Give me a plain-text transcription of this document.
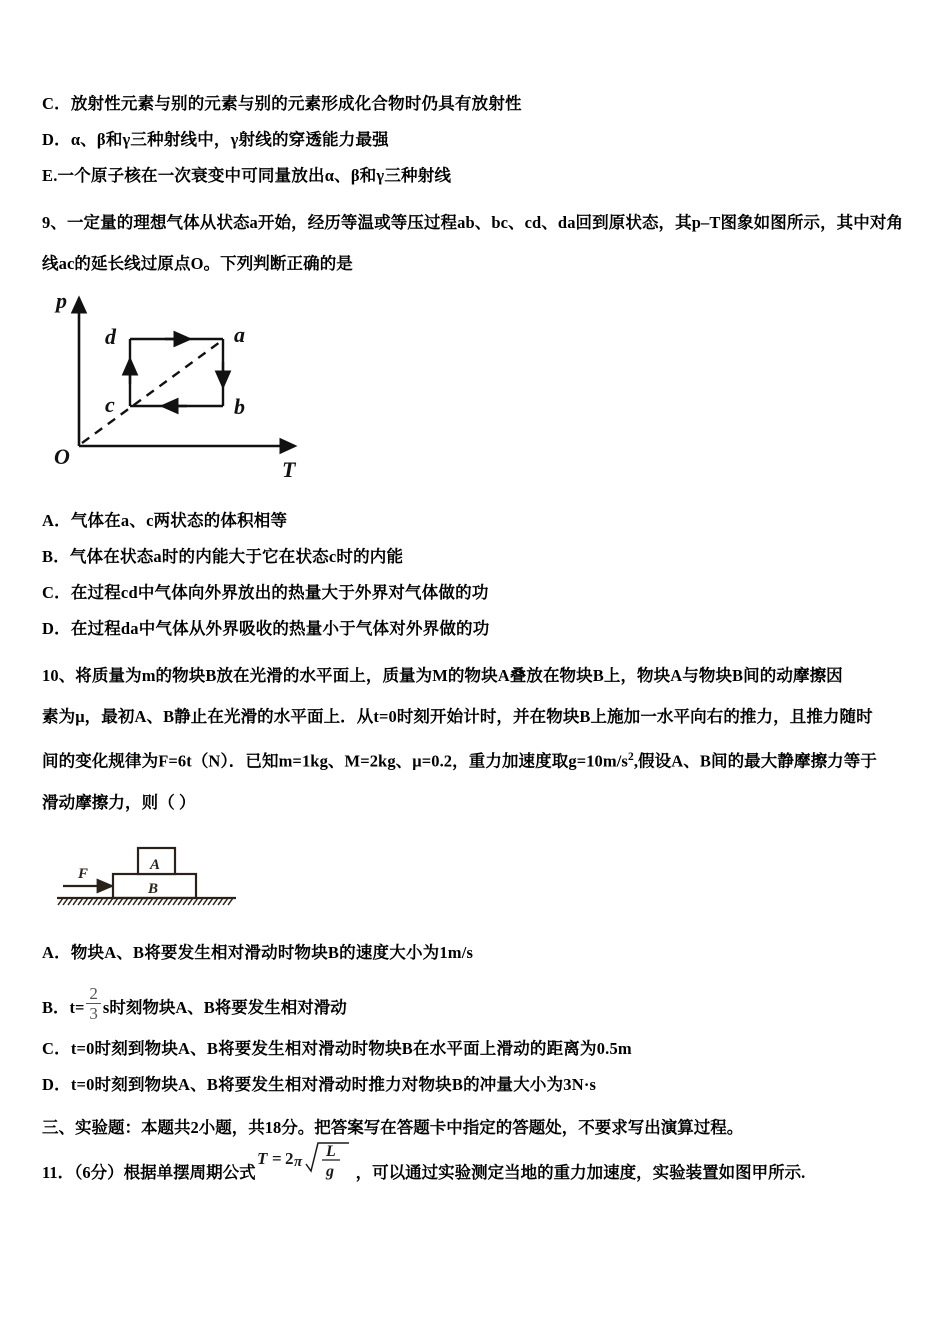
C．放射性元素与别的元素与别的元素形成化合物时仍具有放射性
D．α、β和γ三种射线中，γ射线的穿透能力最强
E.一个原子核在一次衰变中可同量放出α、β和γ三种射线
9、一定量的理想气体从状态a开始，经历等温或等压过程ab、bc、cd、da回到原状态，其p–T图象如图所示，其中对角
线ac的延长线过原点O。下列判断正确的是
p
T
O
a
b
c
d
A．气体在a、c两状态的体积相等
B．气体在状态a时的内能大于它在状态c时的内能
C．在过程cd中气体向外界放出的热量大于外界对气体做的功
D．在过程da中气体从外界吸收的热量小于气体对外界做的功
10、将质量为m的物块B放在光滑的水平面上，质量为M的物块A叠放在物块B上，物块A与物块B间的动摩擦因
素为μ，最初A、B静止在光滑的水平面上．从t=0时刻开始计时，并在物块B上施加一水平向右的推力，且推力随时
间的变化规律为F=6t（N）．已知m=1kg、M=2kg、μ=0.2，重力加速度取$g=10m/s^2$,假设A、B间的最大静摩擦力等于
滑动摩擦力，则（ ）
A
B
F
A．物块A、B将要发生相对滑动时物块B的速度大小为1m/s
B．$t= \frac{2}{3}$ s时刻物块A、B将要发生相对滑动
C．t=0时刻到物块A、B将要发生相对滑动时物块B在水平面上滑动的距离为0.5m
D．t=0时刻到物块A、B将要发生相对滑动时推力对物块B的冲量大小为3N·s
三、实验题：本题共2小题，共18分。把答案写在答题卡中指定的答题处，不要求写出演算过程。
11．（6分）根据单摆周期公式
T = 2 π
L
g ，可以通过实验测定当地的重力加速度，实验装置如图甲所示.
